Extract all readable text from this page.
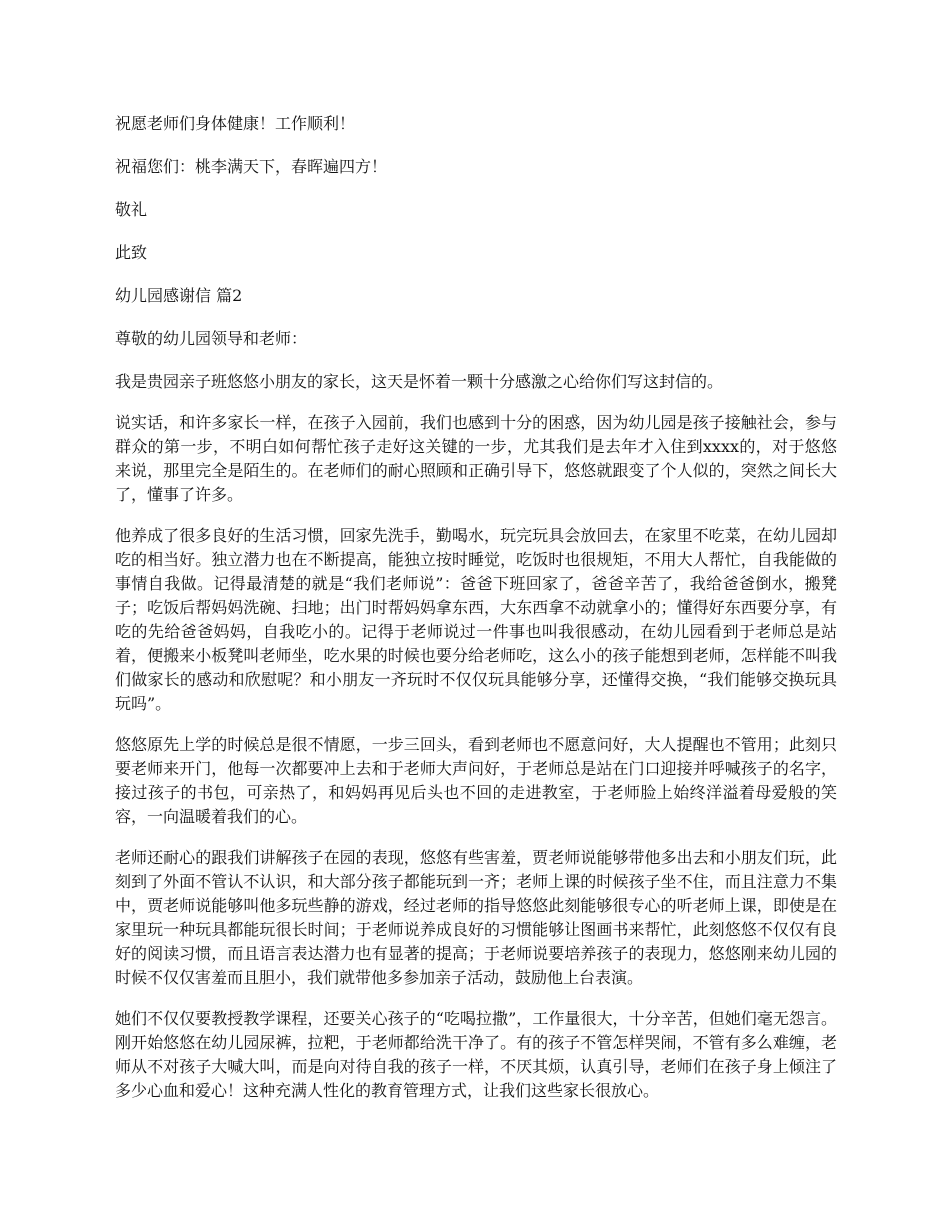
祝愿老师们身体健康！工作顺利！

祝福您们：桃李满天下，春晖遍四方！

敬礼

此致

幼儿园感谢信 篇2

尊敬的幼儿园领导和老师：

我是贵园亲子班悠悠小朋友的家长，这天是怀着一颗十分感激之心给你们写这封信的。

说实话，和许多家长一样，在孩子入园前，我们也感到十分的困惑，因为幼儿园是孩子接触社会，参与群众的第一步，不明白如何帮忙孩子走好这关键的一步，尤其我们是去年才入住到xxxx的，对于悠悠来说，那里完全是陌生的。在老师们的耐心照顾和正确引导下，悠悠就跟变了个人似的，突然之间长大了，懂事了许多。

他养成了很多良好的生活习惯，回家先洗手，勤喝水，玩完玩具会放回去，在家里不吃菜，在幼儿园却吃的相当好。独立潜力也在不断提高，能独立按时睡觉，吃饭时也很规矩，不用大人帮忙，自我能做的事情自我做。记得最清楚的就是“我们老师说”：爸爸下班回家了，爸爸辛苦了，我给爸爸倒水，搬凳子；吃饭后帮妈妈洗碗、扫地；出门时帮妈妈拿东西，大东西拿不动就拿小的；懂得好东西要分享，有吃的先给爸爸妈妈，自我吃小的。记得于老师说过一件事也叫我很感动，在幼儿园看到于老师总是站着，便搬来小板凳叫老师坐，吃水果的时候也要分给老师吃，这么小的孩子能想到老师，怎样能不叫我们做家长的感动和欣慰呢？和小朋友一齐玩时不仅仅玩具能够分享，还懂得交换，“我们能够交换玩具玩吗”。

悠悠原先上学的时候总是很不情愿，一步三回头，看到老师也不愿意问好，大人提醒也不管用；此刻只要老师来开门，他每一次都要冲上去和于老师大声问好，于老师总是站在门口迎接并呼喊孩子的名字，接过孩子的书包，可亲热了，和妈妈再见后头也不回的走进教室，于老师脸上始终洋溢着母爱般的笑容，一向温暖着我们的心。

老师还耐心的跟我们讲解孩子在园的表现，悠悠有些害羞，贾老师说能够带他多出去和小朋友们玩，此刻到了外面不管认不认识，和大部分孩子都能玩到一齐；老师上课的时候孩子坐不住，而且注意力不集中，贾老师说能够叫他多玩些静的游戏，经过老师的指导悠悠此刻能够很专心的听老师上课，即使是在家里玩一种玩具都能玩很长时间；于老师说养成良好的习惯能够让图画书来帮忙，此刻悠悠不仅仅有良好的阅读习惯，而且语言表达潜力也有显著的提高；于老师说要培养孩子的表现力，悠悠刚来幼儿园的时候不仅仅害羞而且胆小，我们就带他多参加亲子活动，鼓励他上台表演。

她们不仅仅要教授教学课程，还要关心孩子的“吃喝拉撒”，工作量很大，十分辛苦，但她们毫无怨言。刚开始悠悠在幼儿园尿裤，拉粑，于老师都给洗干净了。有的孩子不管怎样哭闹，不管有多么难缠，老师从不对孩子大喊大叫，而是向对待自我的孩子一样，不厌其烦，认真引导，老师们在孩子身上倾注了多少心血和爱心！这种充满人性化的教育管理方式，让我们这些家长很放心。
